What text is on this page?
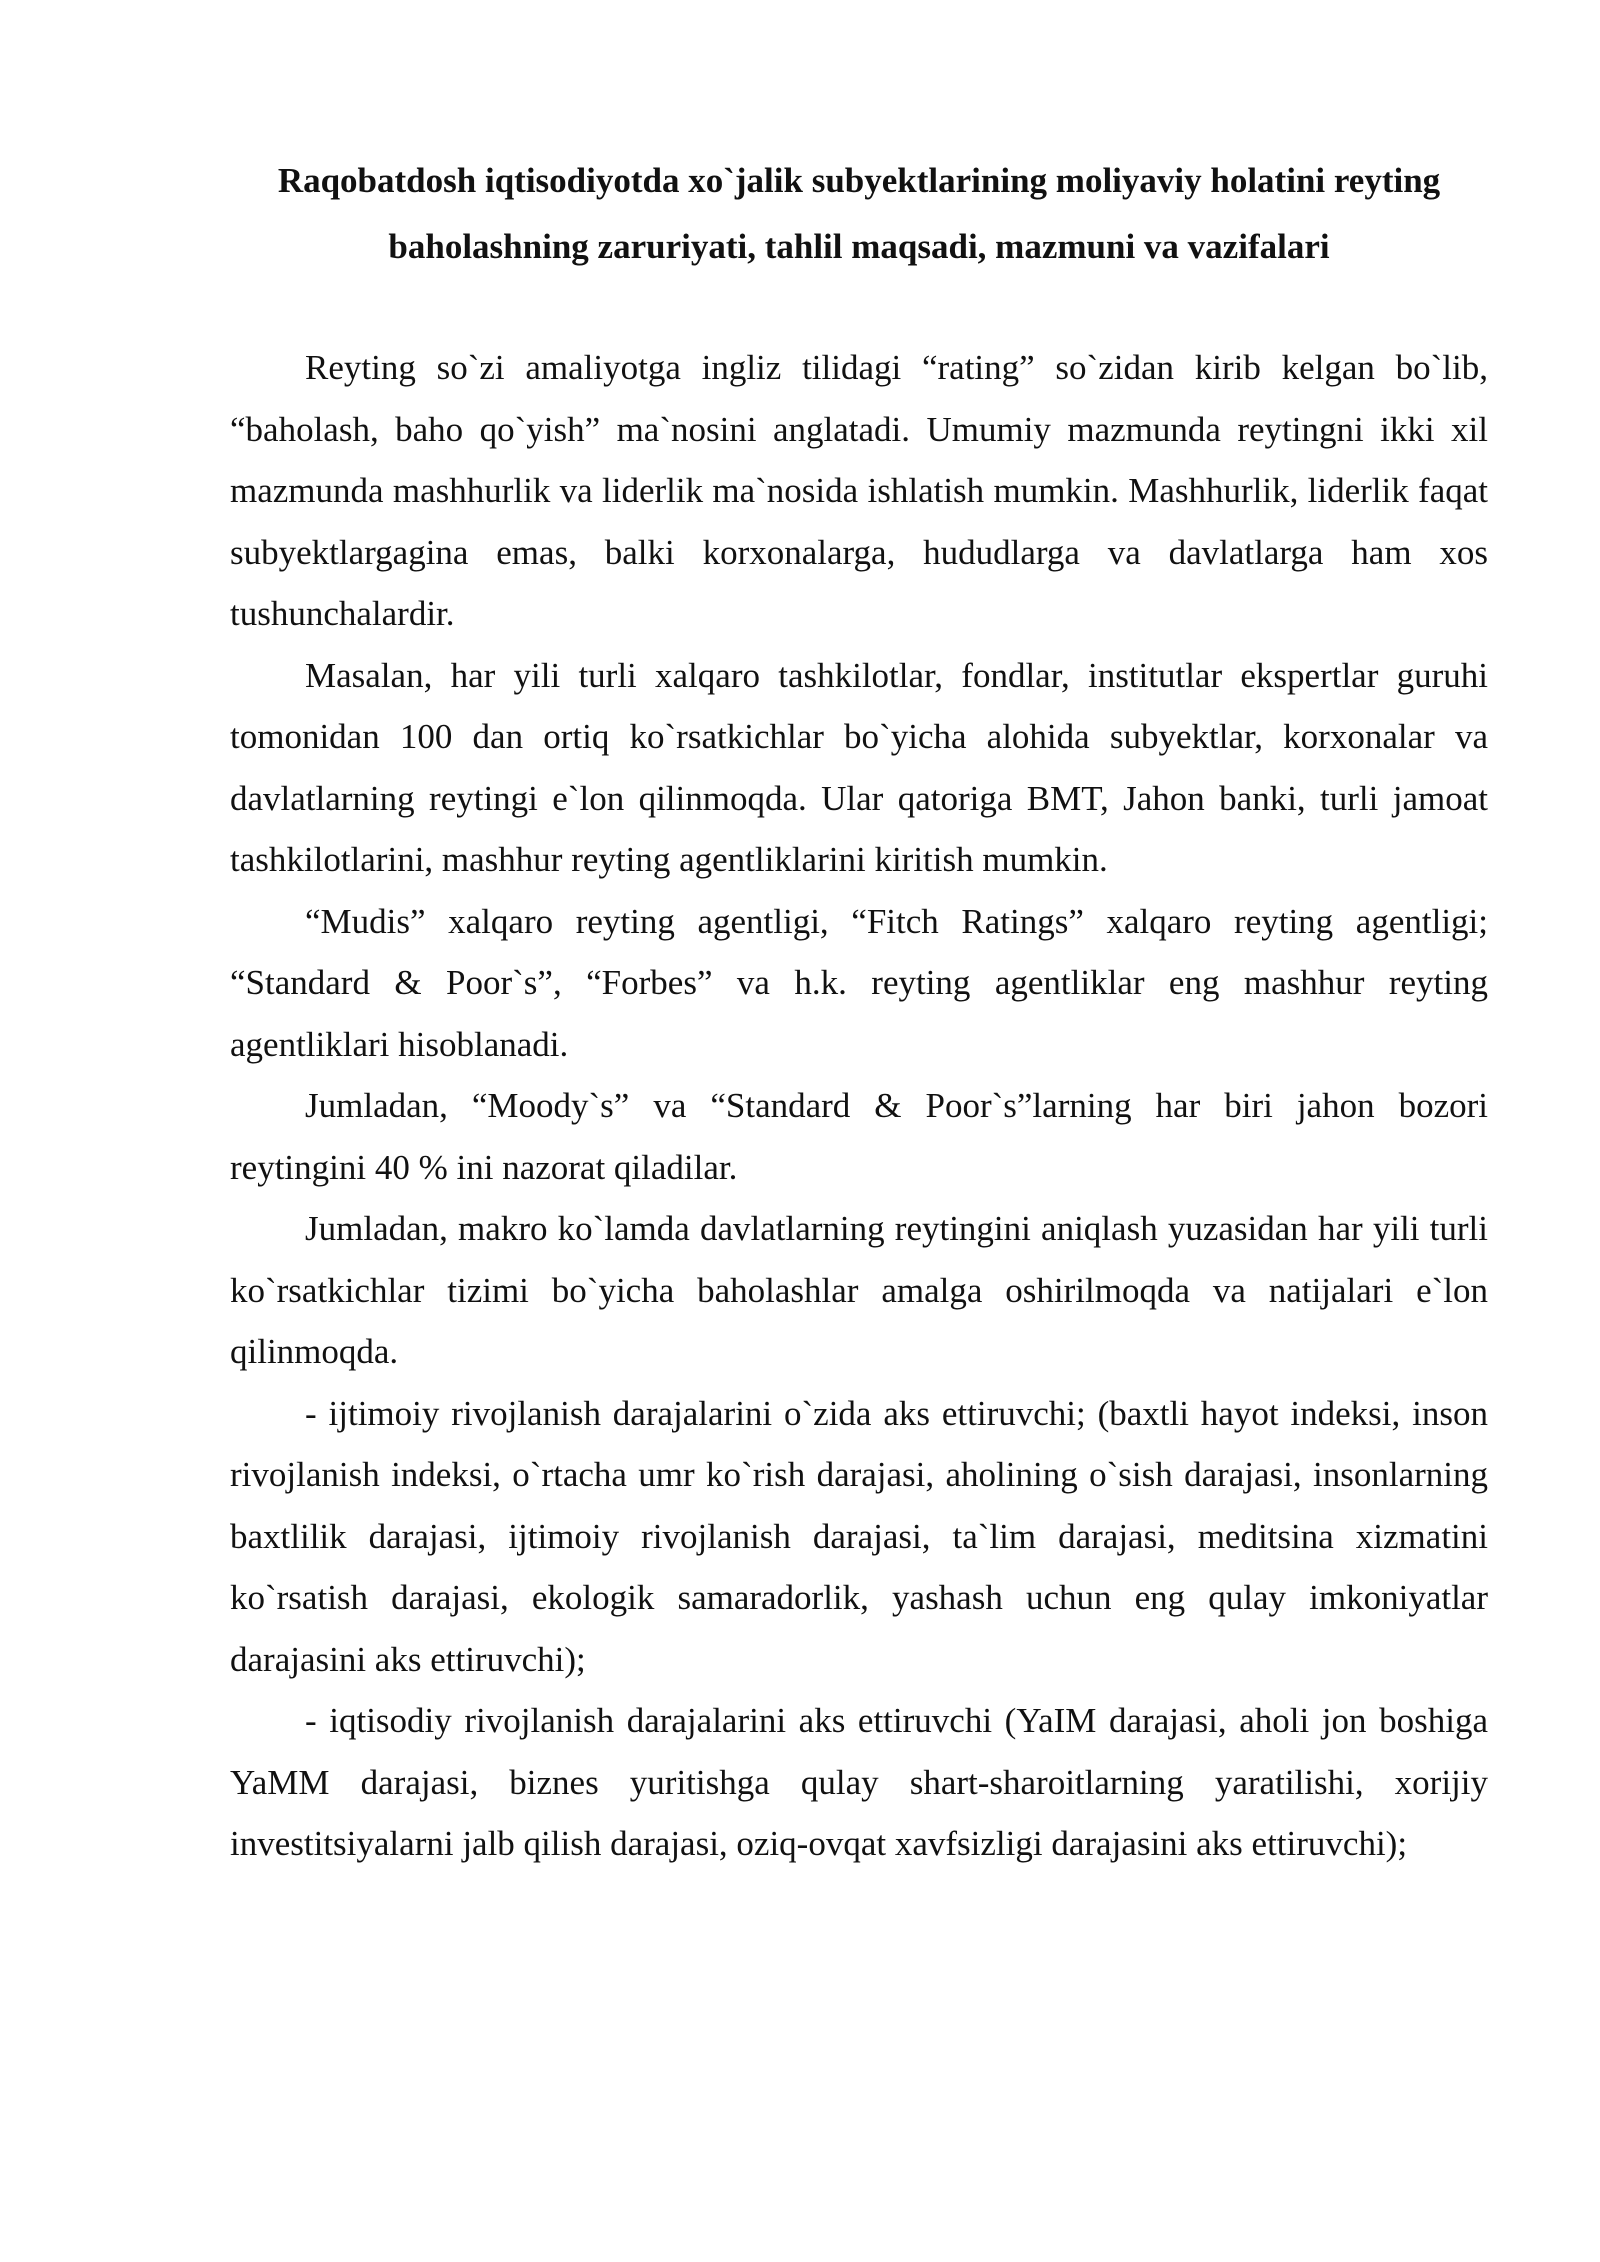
Raqobatdosh iqtisodiyotda xo`jalik subyektlarining moliyaviy holatini reyting
baholashning zaruriyati, tahlil maqsadi, mazmuni va vazifalari

Reyting so`zi amaliyotga ingliz tilidagi “rating” so`zidan kirib kelgan bo`lib, “baholash, baho qo`yish” ma`nosini anglatadi. Umumiy mazmunda reytingni ikki xil mazmunda mashhurlik va liderlik ma`nosida ishlatish mumkin. Mashhurlik, liderlik faqat subyektlargagina emas, balki korxonalarga, hududlarga va davlatlarga ham xos tushunchalardir.

Masalan, har yili turli xalqaro tashkilotlar, fondlar, institutlar ekspertlar guruhi tomonidan 100 dan ortiq ko`rsatkichlar bo`yicha alohida subyektlar, korxonalar va davlatlarning reytingi e`lon qilinmoqda. Ular qatoriga BMT, Jahon banki, turli jamoat tashkilotlarini, mashhur reyting agentliklarini kiritish mumkin.

“Mudis” xalqaro reyting agentligi, “Fitch Ratings” xalqaro reyting agentligi; “Standard & Poor`s”, “Forbes” va h.k. reyting agentliklar eng mashhur reyting agentliklari hisoblanadi.

Jumladan, “Moody`s” va “Standard & Poor`s”larning har biri jahon bozori reytingini 40 % ini nazorat qiladilar.

Jumladan, makro ko`lamda davlatlarning reytingini aniqlash yuzasidan har yili turli ko`rsatkichlar tizimi bo`yicha baholashlar amalga oshirilmoqda va natijalari e`lon qilinmoqda.

- ijtimoiy rivojlanish darajalarini o`zida aks ettiruvchi; (baxtli hayot indeksi, inson rivojlanish indeksi, o`rtacha umr ko`rish darajasi, aholining o`sish darajasi, insonlarning baxtlilik darajasi, ijtimoiy rivojlanish darajasi, ta`lim darajasi, meditsina xizmatini ko`rsatish darajasi, ekologik samaradorlik, yashash uchun eng qulay imkoniyatlar darajasini aks ettiruvchi);

- iqtisodiy rivojlanish darajalarini aks ettiruvchi (YaIM darajasi, aholi jon boshiga YaMM darajasi, biznes yuritishga qulay shart-sharoitlarning yaratilishi, xorijiy investitsiyalarni jalb qilish darajasi, oziq-ovqat xavfsizligi darajasini aks ettiruvchi);
